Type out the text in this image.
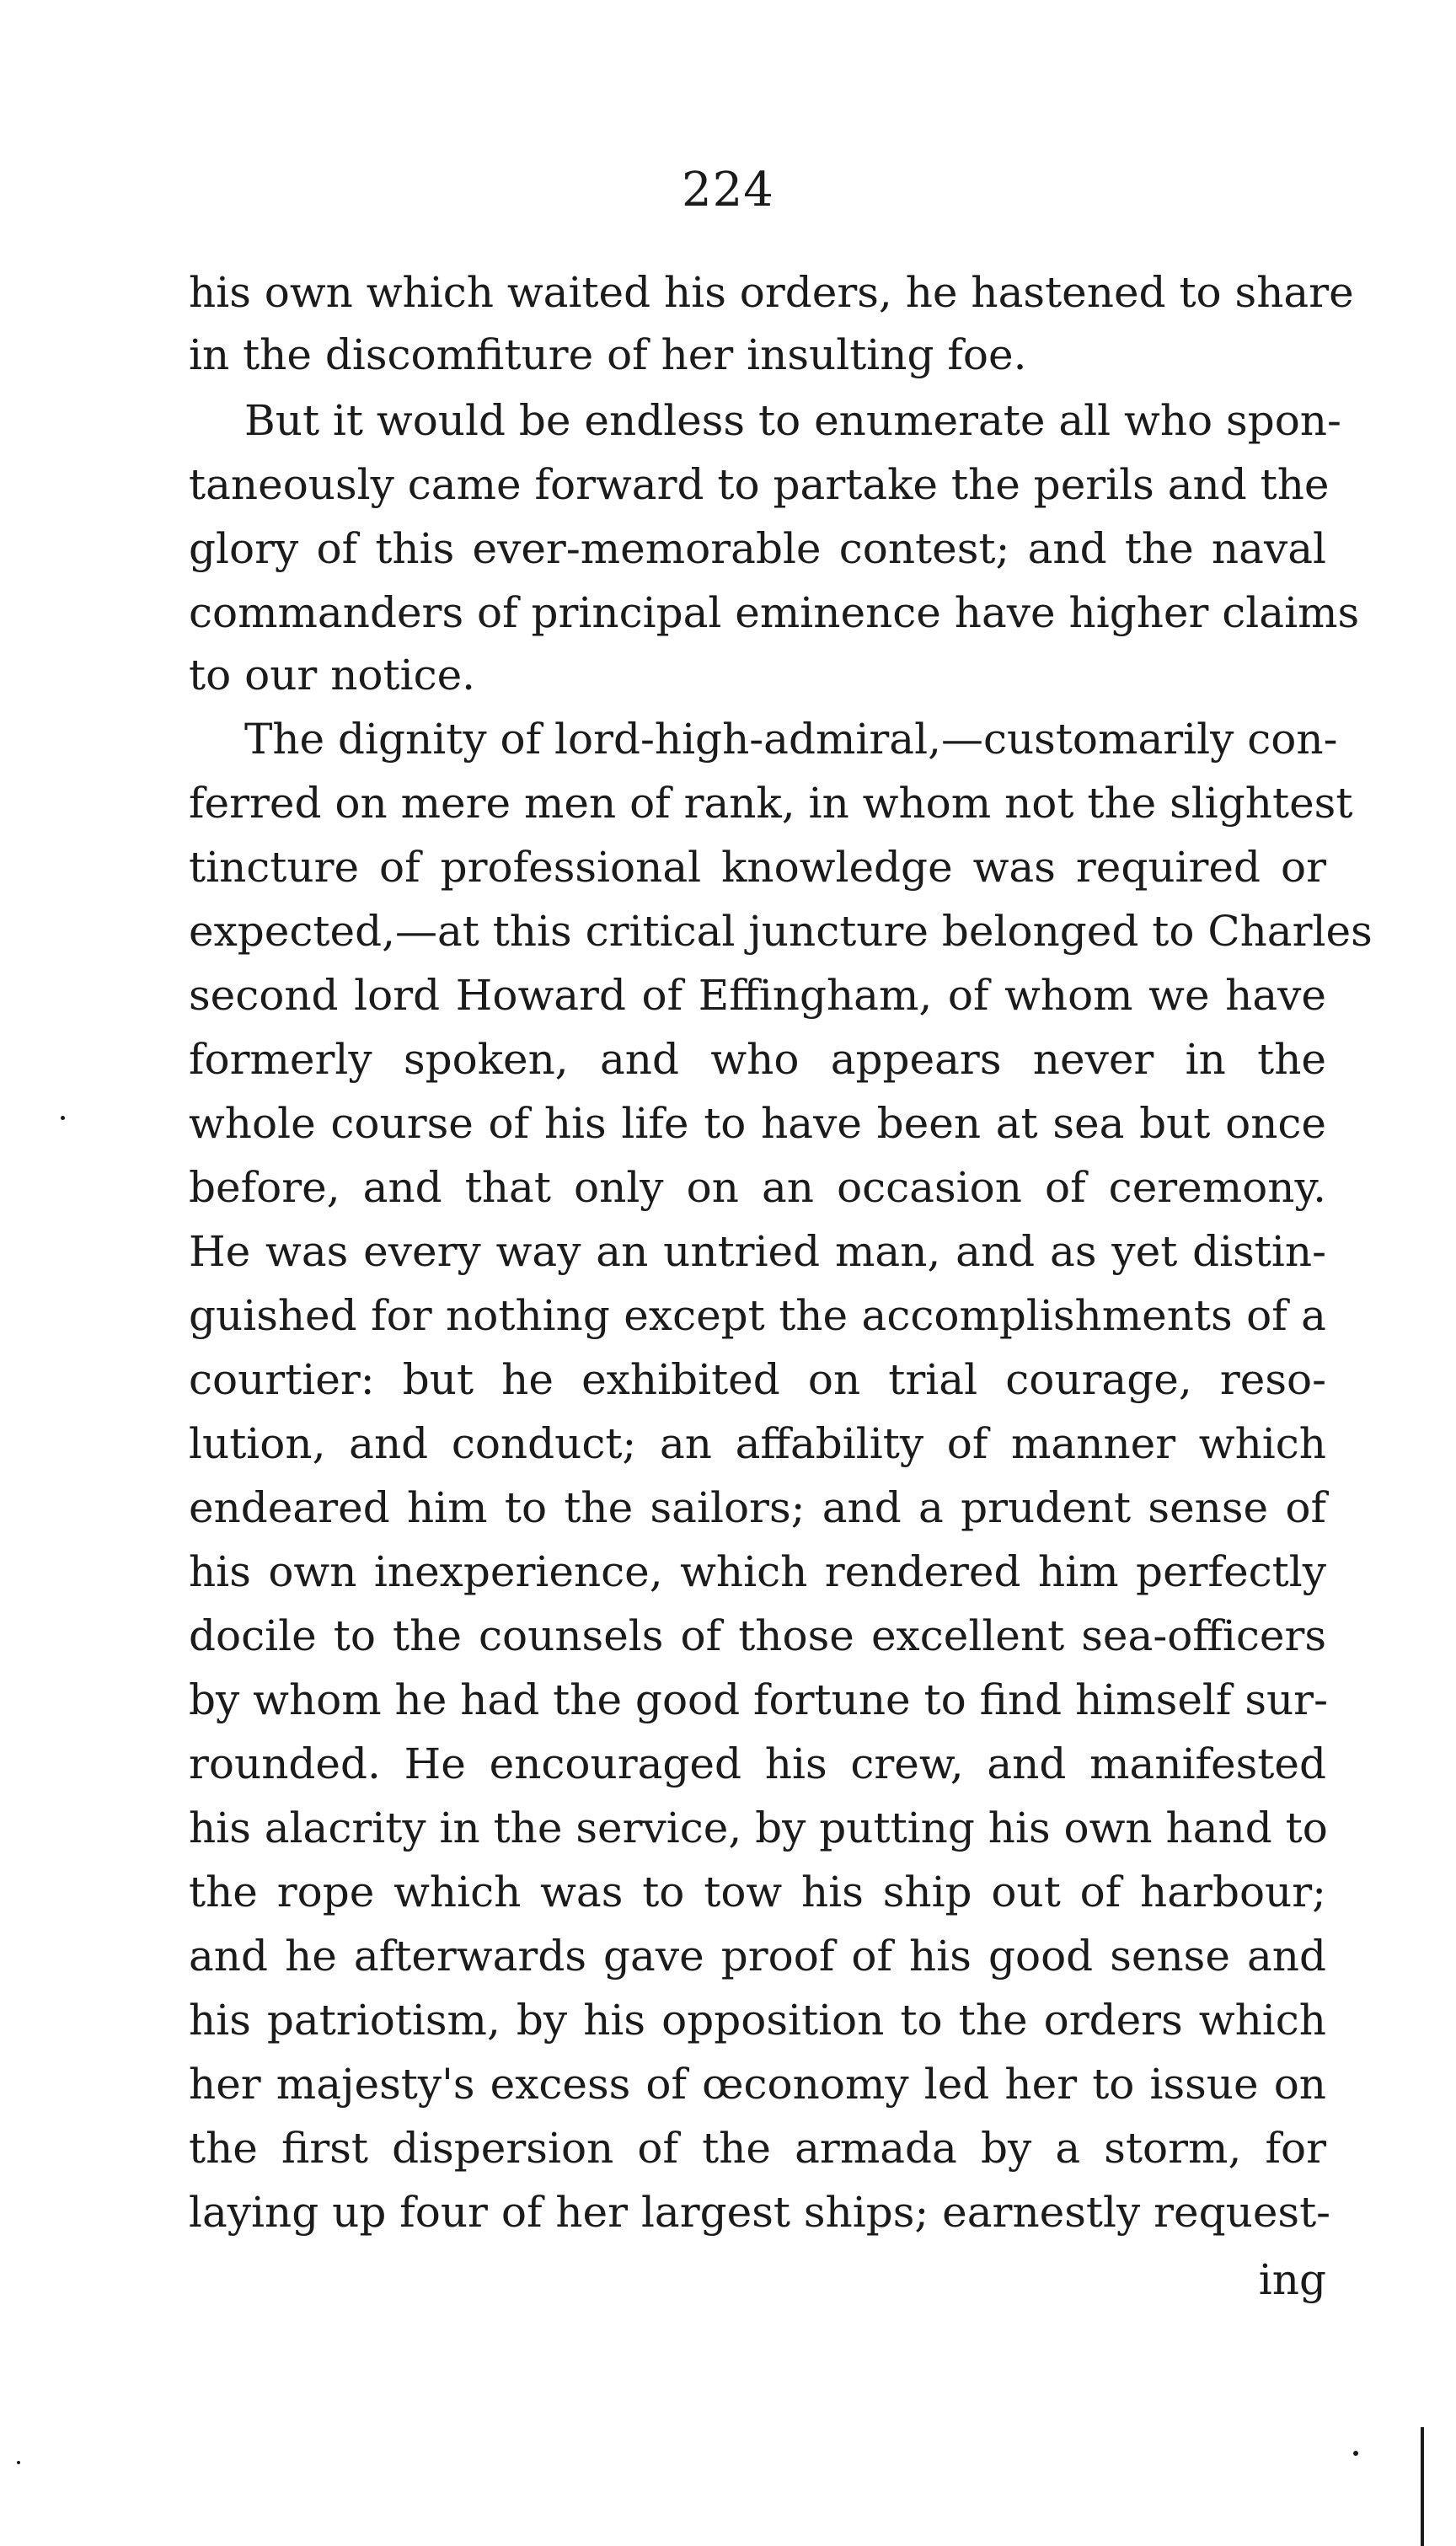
224
his own which waited his orders, he hastened to share
in the discomfiture of her insulting foe.
But it would be endless to enumerate all who spon-
taneously came forward to partake the perils and the
glory of this ever-memorable contest; and the naval
commanders of principal eminence have higher claims
to our notice.
The dignity of lord-high-admiral,—customarily con-
ferred on mere men of rank, in whom not the slightest
tincture of professional knowledge was required or
expected,—at this critical juncture belonged to Charles
second lord Howard of Effingham, of whom we have
formerly spoken, and who appears never in the
whole course of his life to have been at sea but once
before, and that only on an occasion of ceremony.
He was every way an untried man, and as yet distin-
guished for nothing except the accomplishments of a
courtier: but he exhibited on trial courage, reso-
lution, and conduct; an affability of manner which
endeared him to the sailors; and a prudent sense of
his own inexperience, which rendered him perfectly
docile to the counsels of those excellent sea-officers
by whom he had the good fortune to find himself sur-
rounded. He encouraged his crew, and manifested
his alacrity in the service, by putting his own hand to
the rope which was to tow his ship out of harbour;
and he afterwards gave proof of his good sense and
his patriotism, by his opposition to the orders which
her majesty's excess of œconomy led her to issue on
the first dispersion of the armada by a storm, for
laying up four of her largest ships; earnestly request-
ing
